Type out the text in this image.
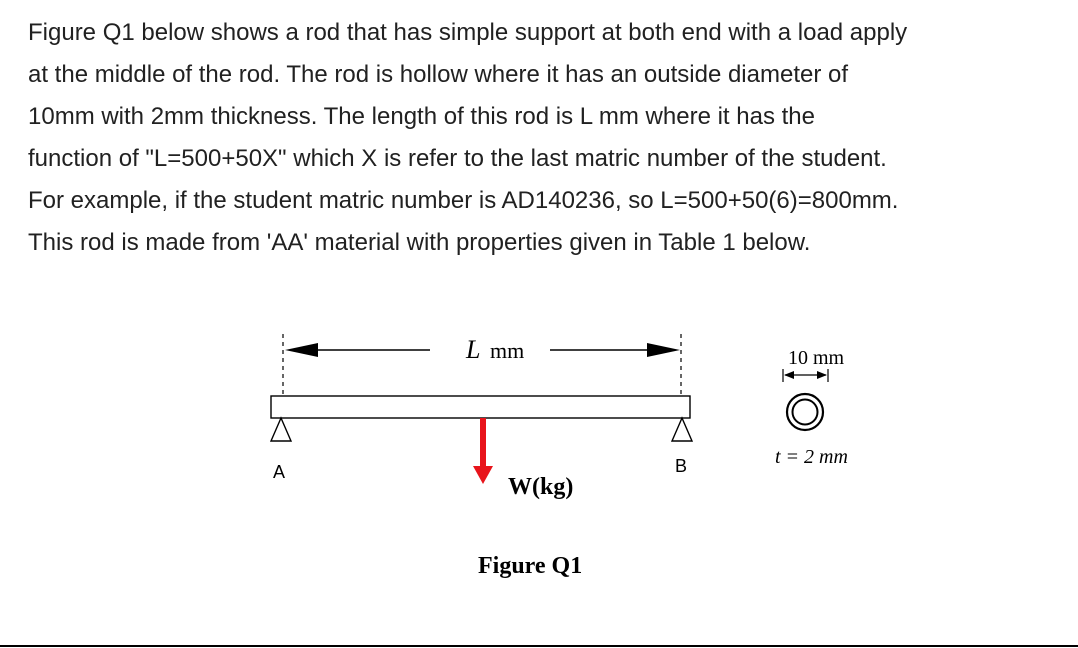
Figure Q1 below shows a rod that has simple support at both end with a load apply
at the middle of the rod. The rod is hollow where it has an outside diameter of
10mm with 2mm thickness. The length of this rod is L mm where it has the
function of "L=500+50X" which X is refer to the last matric number of the student.
For example, if the student matric number is AD140236, so L=500+50(6)=800mm.
This rod is made from 'AA' material with properties given in Table 1 below.
L mm
A	B
W(kg)
Figure Q1
10 mm
t = 2 mm
